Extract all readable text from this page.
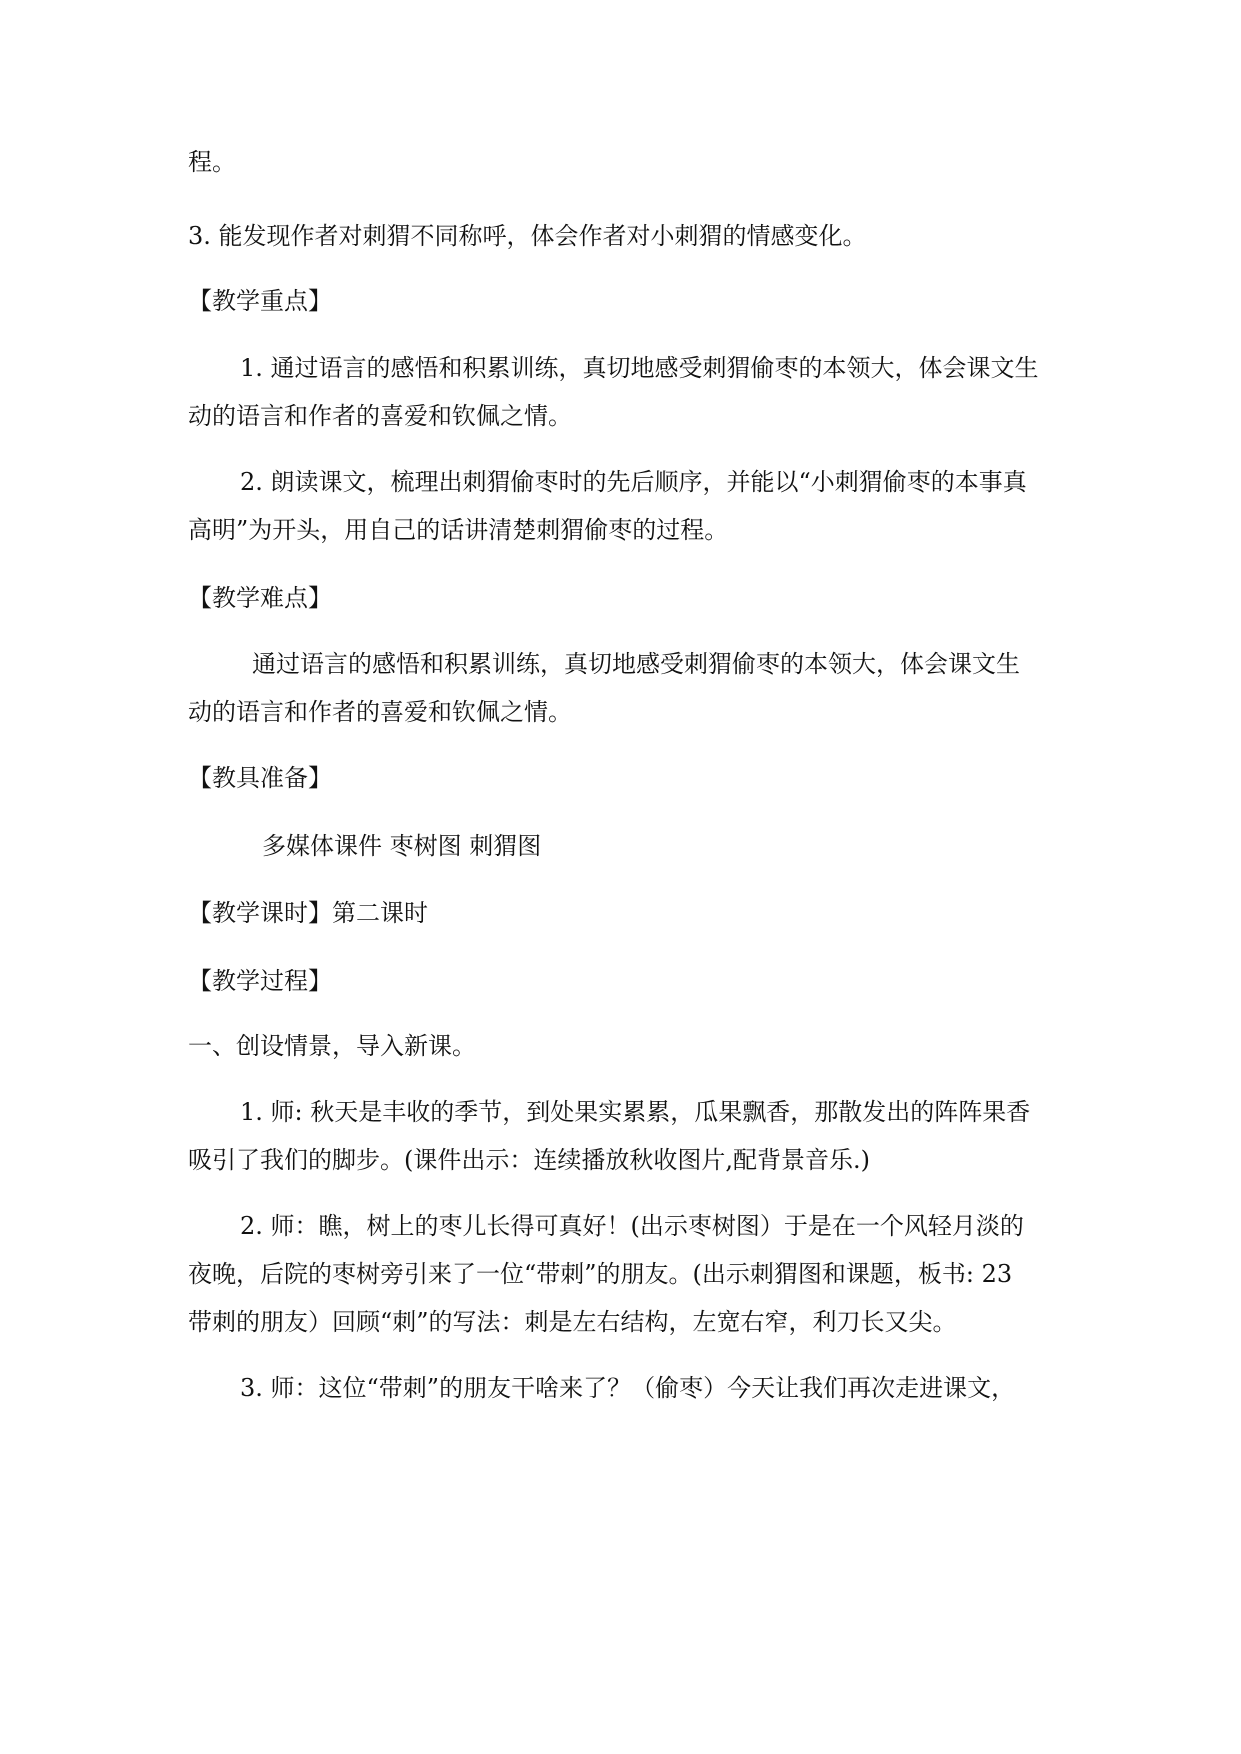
程。
3. 能发现作者对刺猬不同称呼，体会作者对小刺猬的情感变化。
【教学重点】
1. 通过语言的感悟和积累训练，真切地感受刺猬偷枣的本领大，体会课文生
动的语言和作者的喜爱和钦佩之情。
2. 朗读课文，梳理出刺猬偷枣时的先后顺序，并能以“小刺猬偷枣的本事真
高明”为开头，用自己的话讲清楚刺猬偷枣的过程。
【教学难点】
通过语言的感悟和积累训练，真切地感受刺猬偷枣的本领大，体会课文生
动的语言和作者的喜爱和钦佩之情。
【教具准备】
多媒体课件 枣树图 刺猬图
【教学课时】第二课时
【教学过程】
一、创设情景，导入新课。
1. 师: 秋天是丰收的季节，到处果实累累，瓜果飘香，那散发出的阵阵果香
吸引了我们的脚步。(课件出示：连续播放秋收图片,配背景音乐.)
2. 师：瞧，树上的枣儿长得可真好！(出示枣树图）于是在一个风轻月淡的
夜晚，后院的枣树旁引来了一位“带刺”的朋友。(出示刺猬图和课题，板书: 23
带刺的朋友）回顾“刺”的写法：刺是左右结构，左宽右窄，利刀长又尖。
3. 师：这位“带刺”的朋友干啥来了？（偷枣）今天让我们再次走进课文，
